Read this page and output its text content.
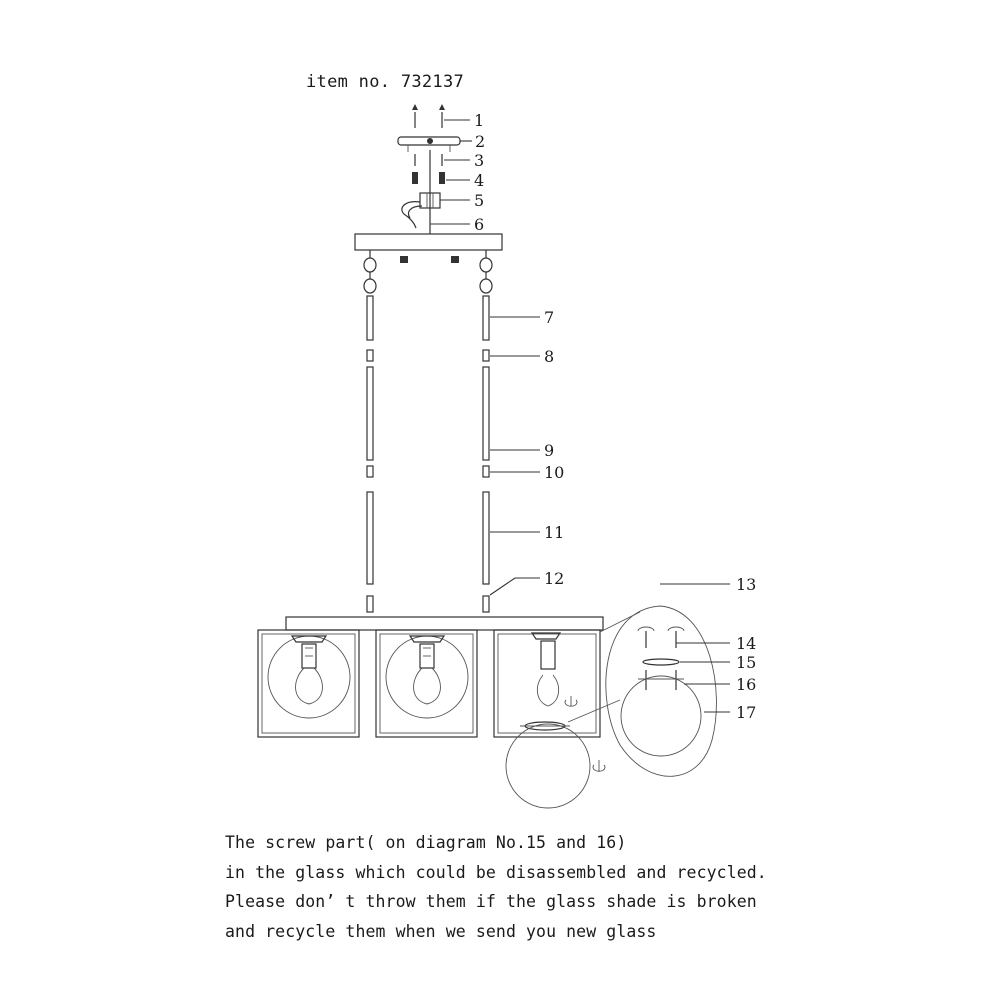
1
2
3
4
5
6
7
8
9
10
11
12	13
14
15
16
17
item no. 732137
The screw part( on diagram No.15 and 16)
in the glass which could be disassembled and recycled.
Please don’ t throw them if the glass shade is broken
and recycle them when we send you new glass
